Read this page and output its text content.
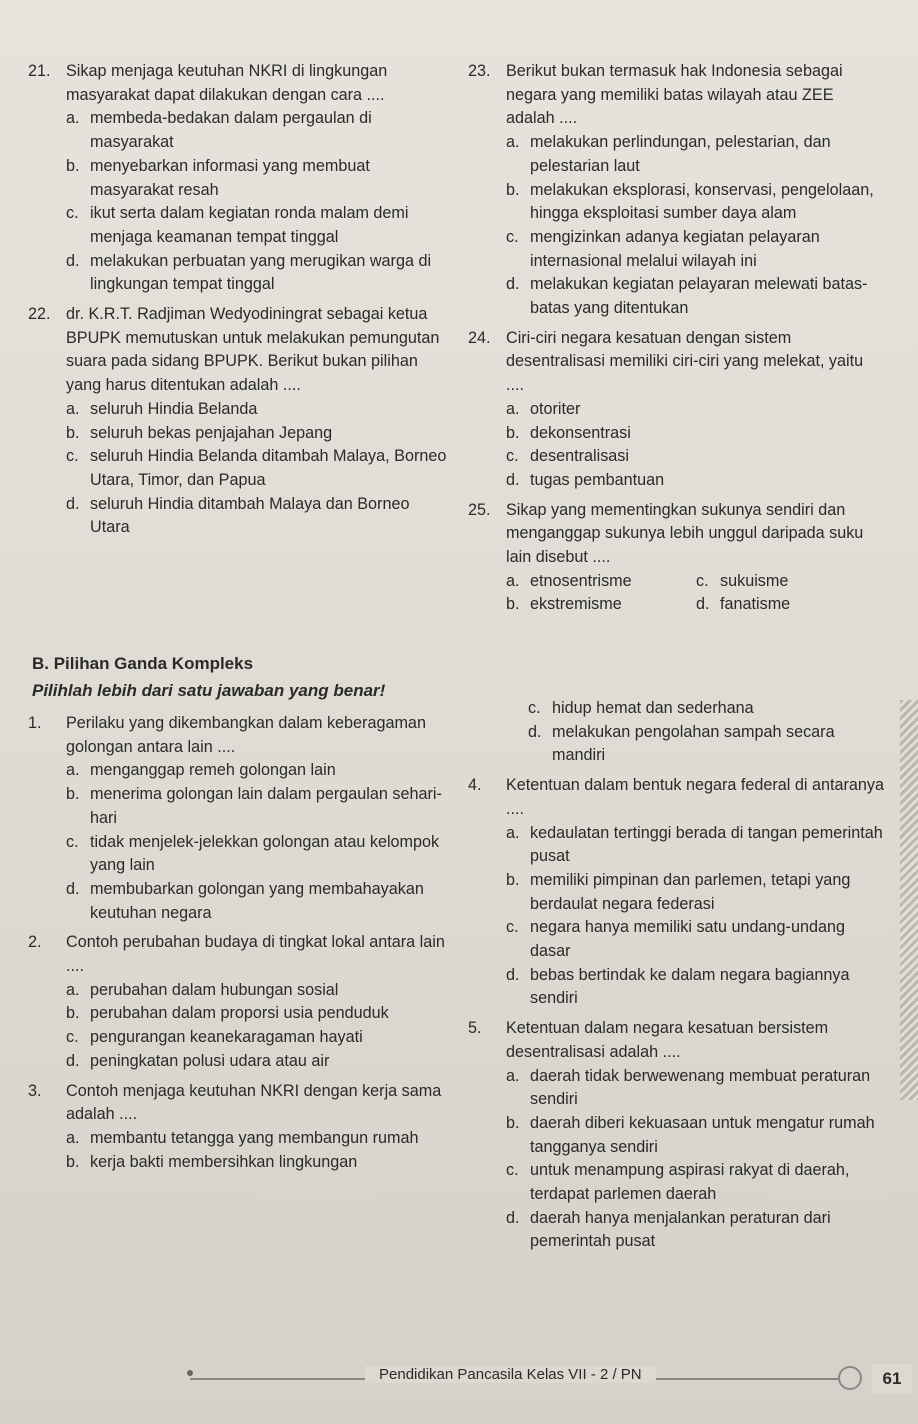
21. Sikap menjaga keutuhan NKRI di lingkungan masyarakat dapat dilakukan dengan cara ....
a. membeda-bedakan dalam pergaulan di masyarakat
b. menyebarkan informasi yang membuat masyarakat resah
c. ikut serta dalam kegiatan ronda malam demi menjaga keamanan tempat tinggal
d. melakukan perbuatan yang merugikan warga di lingkungan tempat tinggal
22. dr. K.R.T. Radjiman Wedyodiningrat sebagai ketua BPUPK memutuskan untuk melakukan pemungutan suara pada sidang BPUPK. Berikut bukan pilihan yang harus ditentukan adalah ....
a. seluruh Hindia Belanda
b. seluruh bekas penjajahan Jepang
c. seluruh Hindia Belanda ditambah Malaya, Borneo Utara, Timor, dan Papua
d. seluruh Hindia ditambah Malaya dan Borneo Utara
23. Berikut bukan termasuk hak Indonesia sebagai negara yang memiliki batas wilayah atau ZEE adalah ....
a. melakukan perlindungan, pelestarian, dan pelestarian laut
b. melakukan eksplorasi, konservasi, pengelolaan, hingga eksploitasi sumber daya alam
c. mengizinkan adanya kegiatan pelayaran internasional melalui wilayah ini
d. melakukan kegiatan pelayaran melewati batas-batas yang ditentukan
24. Ciri-ciri negara kesatuan dengan sistem desentralisasi memiliki ciri-ciri yang melekat, yaitu ....
a. otoriter
b. dekonsentrasi
c. desentralisasi
d. tugas pembantuan
25. Sikap yang mementingkan sukunya sendiri dan menganggap sukunya lebih unggul daripada suku lain disebut ....
a. etnosentrisme	c. sukuisme
b. ekstremisme	d. fanatisme
B. Pilihan Ganda Kompleks
Pilihlah lebih dari satu jawaban yang benar!
1.	Perilaku yang dikembangkan dalam keberagaman golongan antara lain ....
a. menganggap remeh golongan lain
b. menerima golongan lain dalam pergaulan sehari-hari
c. tidak menjelek-jelekkan golongan atau kelompok yang lain
d. membubarkan golongan yang membahayakan keutuhan negara
2.	Contoh perubahan budaya di tingkat lokal antara lain ....
a. perubahan dalam hubungan sosial
b. perubahan dalam proporsi usia penduduk
c. pengurangan keanekaragaman hayati
d. peningkatan polusi udara atau air
3.	Contoh menjaga keutuhan NKRI dengan kerja sama adalah ....
a. membantu tetangga yang membangun rumah
b. kerja bakti membersihkan lingkungan
c. hidup hemat dan sederhana
d. melakukan pengolahan sampah secara mandiri
4.	Ketentuan dalam bentuk negara federal di antaranya ....
a. kedaulatan tertinggi berada di tangan pemerintah pusat
b. memiliki pimpinan dan parlemen, tetapi yang berdaulat negara federasi
c. negara hanya memiliki satu undang-undang dasar
d. bebas bertindak ke dalam negara bagiannya sendiri
5.	Ketentuan dalam negara kesatuan bersistem desentralisasi adalah ....
a. daerah tidak berwewenang membuat peraturan sendiri
b. daerah diberi kekuasaan untuk mengatur rumah tangganya sendiri
c. untuk menampung aspirasi rakyat di daerah, terdapat parlemen daerah
d. daerah hanya menjalankan peraturan dari pemerintah pusat
Pendidikan Pancasila Kelas VII - 2 / PN	61
